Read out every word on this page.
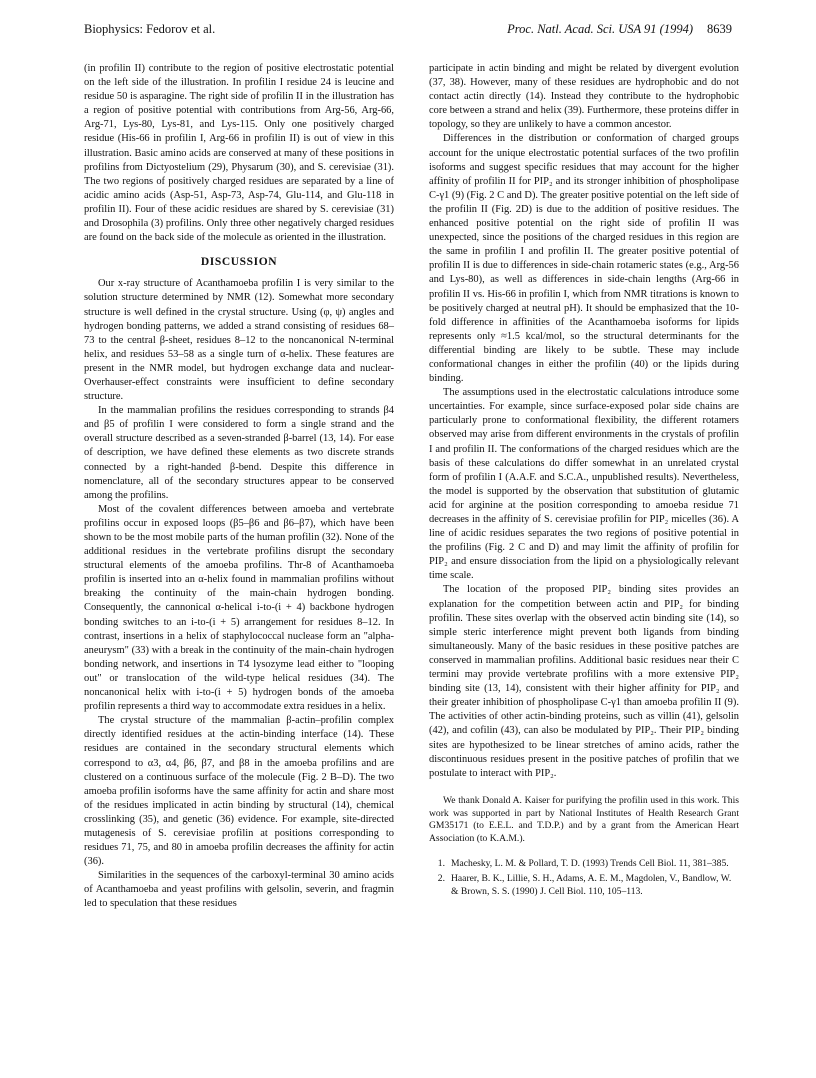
Biophysics: Fedorov et al.	Proc. Natl. Acad. Sci. USA 91 (1994) 8639

(in profilin II) contribute to the region of positive electrostatic potential on the left side of the illustration. In profilin I residue 24 is leucine and residue 50 is asparagine. The right side of profilin II in the illustration has a region of positive potential with contributions from Arg-56, Arg-66, Arg-71, Lys-80, Lys-81, and Lys-115. Only one positively charged residue (His-66 in profilin I, Arg-66 in profilin II) is out of view in this illustration. Basic amino acids are conserved at many of these positions in profilins from Dictyostelium (29), Physarum (30), and S. cerevisiae (31). The two regions of positively charged residues are separated by a line of acidic amino acids (Asp-51, Asp-73, Asp-74, Glu-114, and Glu-118 in profilin II). Four of these acidic residues are shared by S. cerevisiae (31) and Drosophila (3) profilins. Only three other negatively charged residues are found on the back side of the molecule as oriented in the illustration.

DISCUSSION

Our x-ray structure of Acanthamoeba profilin I is very similar to the solution structure determined by NMR (12). Somewhat more secondary structure is well defined in the crystal structure. Using (φ, ψ) angles and hydrogen bonding patterns, we added a strand consisting of residues 68–73 to the central β-sheet, residues 8–12 to the noncanonical N-terminal helix, and residues 53–58 as a single turn of α-helix. These features are present in the NMR model, but hydrogen exchange data and nuclear-Overhauser-effect constraints were insufficient to define secondary structure.

In the mammalian profilins the residues corresponding to strands β4 and β5 of profilin I were considered to form a single strand and the overall structure described as a seven-stranded β-barrel (13, 14). For ease of description, we have defined these elements as two discrete strands connected by a right-handed β-bend. Despite this difference in nomenclature, all of the secondary structures appear to be conserved among the profilins.

Most of the covalent differences between amoeba and vertebrate profilins occur in exposed loops (β5–β6 and β6–β7), which have been shown to be the most mobile parts of the human profilin (32). None of the additional residues in the vertebrate profilins disrupt the secondary structural elements of the amoeba profilins. Thr-8 of Acanthamoeba profilin is inserted into an α-helix found in mammalian profilins without breaking the continuity of the main-chain hydrogen bonding. Consequently, the cannonical α-helical i-to-(i + 4) backbone hydrogen bonding switches to an i-to-(i + 5) arrangement for residues 8–12. In contrast, insertions in a helix of staphylococcal nuclease form an "alpha-aneurysm" (33) with a break in the continuity of the main-chain hydrogen bonding network, and insertions in T4 lysozyme lead either to "looping out" or translocation of the wild-type helical residues (34). The noncanonical helix with i-to-(i + 5) hydrogen bonds of the amoeba profilin represents a third way to accommodate extra residues in a helix.

The crystal structure of the mammalian β-actin–profilin complex directly identified residues at the actin-binding interface (14). These residues are contained in the secondary structural elements which correspond to α3, α4, β6, β7, and β8 in the amoeba profilins and are clustered on a continuous surface of the molecule (Fig. 2 B–D). The two amoeba profilin isoforms have the same affinity for actin and share most of the residues implicated in actin binding by structural (14), chemical crosslinking (35), and genetic (36) evidence. For example, site-directed mutagenesis of S. cerevisiae profilin at positions corresponding to residues 71, 75, and 80 in amoeba profilin decreases the affinity for actin (36).

Similarities in the sequences of the carboxyl-terminal 30 amino acids of Acanthamoeba and yeast profilins with gelsolin, severin, and fragmin led to speculation that these residues

participate in actin binding and might be related by divergent evolution (37, 38). However, many of these residues are hydrophobic and do not contact actin directly (14). Instead they contribute to the hydrophobic core between a strand and helix (39). Furthermore, these proteins differ in topology, so they are unlikely to have a common ancestor.

Differences in the distribution or conformation of charged groups account for the unique electrostatic potential surfaces of the two profilin isoforms and suggest specific residues that may account for the higher affinity of profilin II for PIP₂ and its stronger inhibition of phospholipase C-γ1 (9) (Fig. 2 C and D). The greater positive potential on the left side of the profilin II (Fig. 2D) is due to the addition of positive residues. The enhanced positive potential on the right side of profilin II was unexpected, since the positions of the charged residues in this region are the same in profilin I and profilin II. The greater positive potential of profilin II is due to differences in side-chain rotameric states (e.g., Arg-56 and Lys-80), as well as differences in side-chain lengths (Arg-66 in profilin II vs. His-66 in profilin I, which from NMR titrations is known to be positively charged at neutral pH). It should be emphasized that the 10-fold difference in affinities of the Acanthamoeba isoforms for lipids represents only ≈1.5 kcal/mol, so the structural determinants for the differential binding are likely to be subtle. These may include conformational changes in either the profilin (40) or the lipids during binding.

The assumptions used in the electrostatic calculations introduce some uncertainties. For example, since surface-exposed polar side chains are particularly prone to conformational flexibility, the different rotamers observed may arise from different environments in the crystals of profilin I and profilin II. The conformations of the charged residues which are the basis of these calculations do differ somewhat in an unrelated crystal form of profilin I (A.A.F. and S.C.A., unpublished results). Nevertheless, the model is supported by the observation that substitution of glutamic acid for arginine at the position corresponding to amoeba residue 71 decreases in the affinity of S. cerevisiae profilin for PIP₂ micelles (36). A line of acidic residues separates the two regions of positive potential in the profilins (Fig. 2 C and D) and may limit the affinity of profilin for PIP₂ and ensure dissociation from the lipid on a physiologically relevant time scale.

The location of the proposed PIP₂ binding sites provides an explanation for the competition between actin and PIP₂ for binding profilin. These sites overlap with the observed actin binding site (14), so simple steric interference might prevent both ligands from binding simultaneously. Many of the basic residues in these positive patches are conserved in mammalian profilins. Additional basic residues near their C termini may provide vertebrate profilins with a more extensive PIP₂ binding site (13, 14), consistent with their higher affinity for PIP₂ and their greater inhibition of phospholipase C-γ1 than amoeba profilin II (9). The activities of other actin-binding proteins, such as villin (41), gelsolin (42), and cofilin (43), can also be modulated by PIP₂. Their PIP₂ binding sites are hypothesized to be linear stretches of amino acids, rather the discontinuous residues present in the positive patches of profilin that we postulate to interact with PIP₂.

We thank Donald A. Kaiser for purifying the profilin used in this work. This work was supported in part by National Institutes of Health Research Grant GM35171 (to E.E.L. and T.D.P.) and by a grant from the American Heart Association (to K.A.M.).

1. Machesky, L. M. & Pollard, T. D. (1993) Trends Cell Biol. 11, 381–385.
2. Haarer, B. K., Lillie, S. H., Adams, A. E. M., Magdolen, V., Bandlow, W. & Brown, S. S. (1990) J. Cell Biol. 110, 105–113.
